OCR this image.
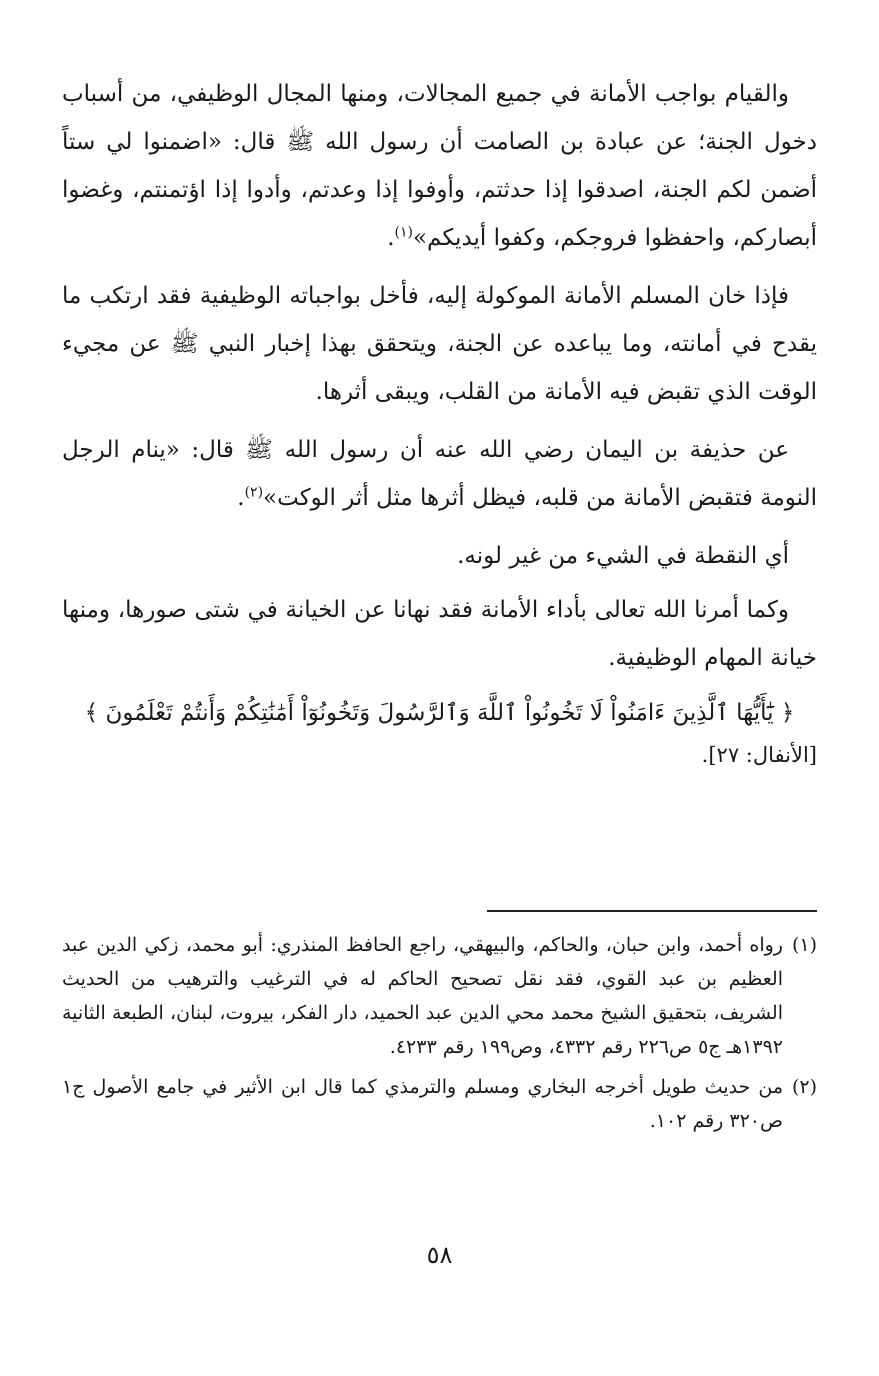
والقيام بواجب الأمانة في جميع المجالات، ومنها المجال الوظيفي، من أسباب دخول الجنة؛ عن عبادة بن الصامت أن رسول الله ﷺ قال: «اضمنوا لي ستاً أضمن لكم الجنة، اصدقوا إذا حدثتم، وأوفوا إذا وعدتم، وأدوا إذا اؤتمنتم، وغضوا أبصاركم، واحفظوا فروجكم، وكفوا أيديكم»$^{(١)}$.

فإذا خان المسلم الأمانة الموكولة إليه، فأخل بواجباته الوظيفية فقد ارتكب ما يقدح في أمانته، وما يباعده عن الجنة، ويتحقق بهذا إخبار النبي ﷺ عن مجيء الوقت الذي تقبض فيه الأمانة من القلب، ويبقى أثرها.

عن حذيفة بن اليمان رضي الله عنه أن رسول الله ﷺ قال: «ينام الرجل النومة فتقبض الأمانة من قلبه، فيظل أثرها مثل أثر الوكت»$^{(٢)}$.

أي النقطة في الشيء من غير لونه.

وكما أمرنا الله تعالى بأداء الأمانة فقد نهانا عن الخيانة في شتى صورها، ومنها خيانة المهام الوظيفية.

﴿ يَٰٓأَيُّهَا ٱلَّذِينَ ءَامَنُواْ لَا تَخُونُواْ ٱللَّهَ وَٱلرَّسُولَ وَتَخُونُوٓاْ أَمَٰنَٰتِكُمْ وَأَنتُمْ تَعْلَمُونَ ﴾

[الأنفال: ٢٧].

(١)
رواه أحمد، وابن حبان، والحاكم، والبيهقي، راجع الحافظ المنذري: أبو محمد، زكي الدين عبد العظيم بن عبد القوي، فقد نقل تصحيح الحاكم له في الترغيب والترهيب من الحديث الشريف، بتحقيق الشيخ محمد محي الدين عبد الحميد، دار الفكر، بيروت، لبنان، الطبعة الثانية ١٣٩٢هـ ج٥ ص٢٢٦ رقم ٤٣٣٢، وص١٩٩ رقم ٤٢٣٣.

(٢)
من حديث طويل أخرجه البخاري ومسلم والترمذي كما قال ابن الأثير في جامع الأصول ج١ ص٣٢٠ رقم ١٠٢.

٥٨
